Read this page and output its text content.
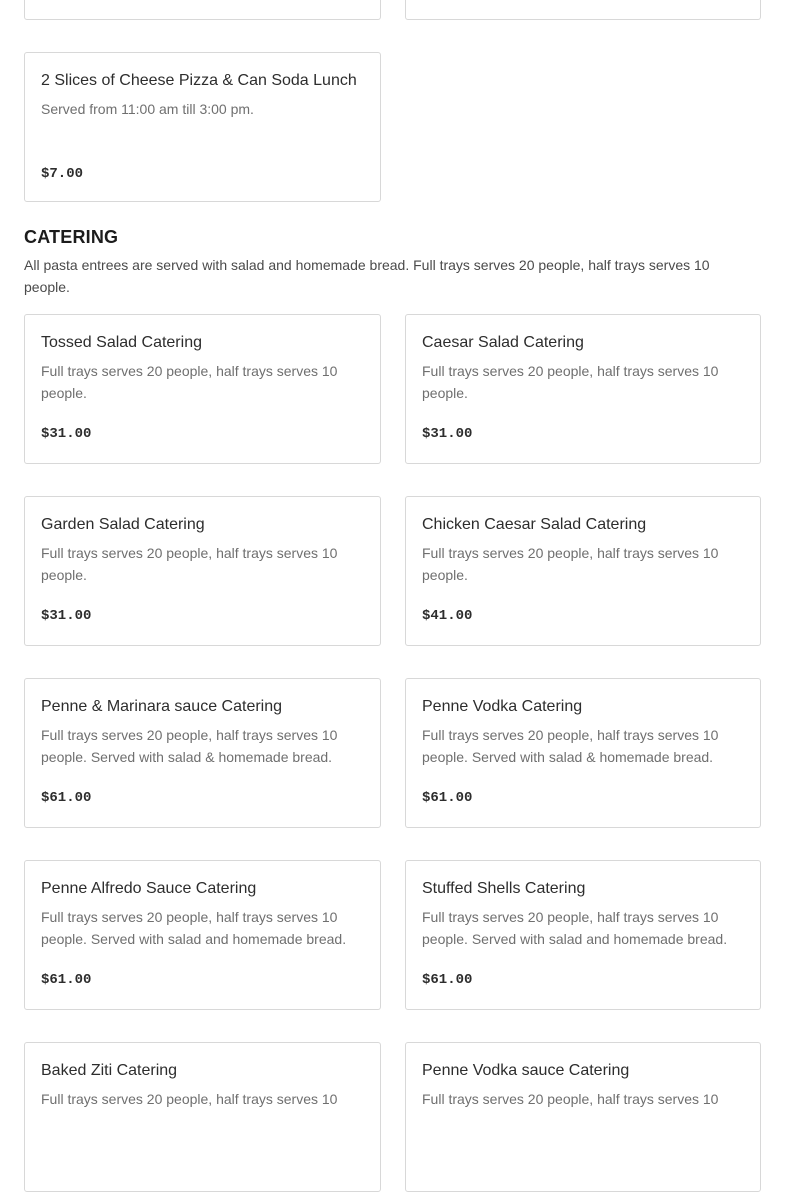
2 Slices of Cheese Pizza & Can Soda Lunch
Served from 11:00 am till 3:00 pm.
$7.00
CATERING

All pasta entrees are served with salad and homemade bread. Full trays serves 20 people, half trays serves 10 people.

Tossed Salad Catering
Full trays serves 20 people, half trays serves 10 people.
$31.00
Caesar Salad Catering
Full trays serves 20 people, half trays serves 10 people.
$31.00
Garden Salad Catering
Full trays serves 20 people, half trays serves 10 people.
$31.00
Chicken Caesar Salad Catering
Full trays serves 20 people, half trays serves 10 people.
$41.00
Penne & Marinara sauce Catering
Full trays serves 20 people, half trays serves 10 people. Served with salad & homemade bread.
$61.00
Penne Vodka Catering
Full trays serves 20 people, half trays serves 10 people. Served with salad & homemade bread.
$61.00
Penne Alfredo Sauce Catering
Full trays serves 20 people, half trays serves 10 people. Served with salad and homemade bread.
$61.00
Stuffed Shells Catering
Full trays serves 20 people, half trays serves 10 people. Served with salad and homemade bread.
$61.00
Baked Ziti Catering
Full trays serves 20 people, half trays serves 10
Penne Vodka sauce Catering
Full trays serves 20 people, half trays serves 10
